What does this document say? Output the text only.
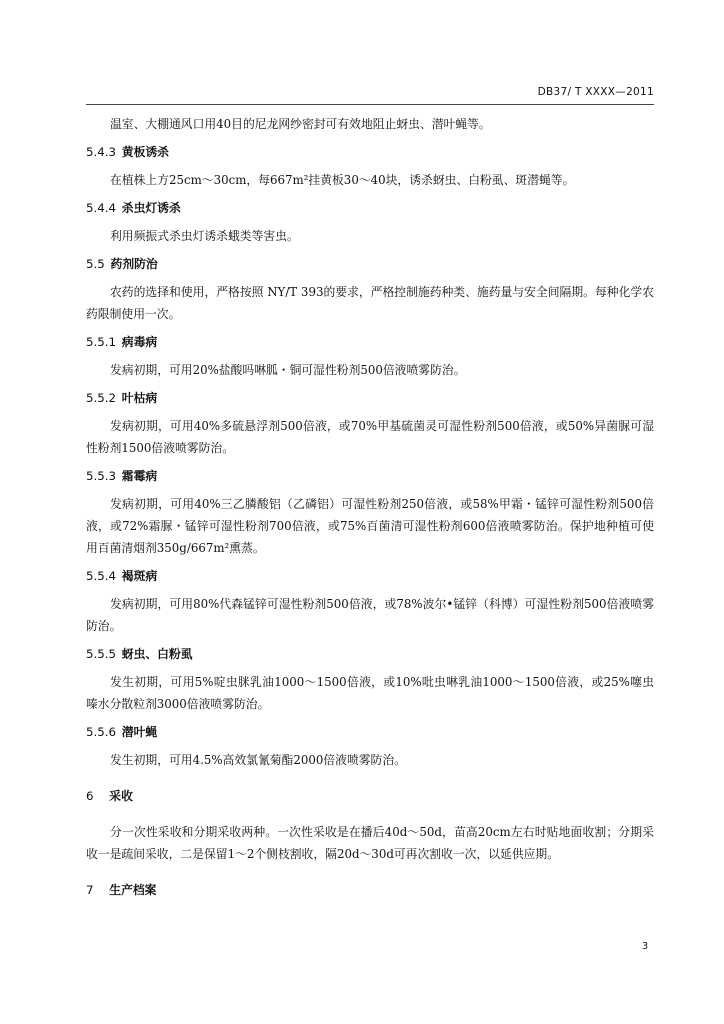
DB37/ T XXXX—2011

温室、大棚通风口用40目的尼龙网纱密封可有效地阻止蚜虫、潜叶蝇等。

5.4.3 黄板诱杀

在植株上方25cm～30cm，每667m²挂黄板30～40块，诱杀蚜虫、白粉虱、斑潜蝇等。

5.4.4 杀虫灯诱杀

利用频振式杀虫灯诱杀蛾类等害虫。

5.5 药剂防治

农药的选择和使用，严格按照 NY/T 393的要求，严格控制施药种类、施药量与安全间隔期。每种化学农药限制使用一次。

5.5.1 病毒病

发病初期，可用20%盐酸吗啉胍・铜可湿性粉剂500倍液喷雾防治。

5.5.2 叶枯病

发病初期，可用40%多硫悬浮剂500倍液，或70%甲基硫菌灵可湿性粉剂500倍液，或50%异菌脲可湿性粉剂1500倍液喷雾防治。

5.5.3 霜霉病

发病初期，可用40%三乙膦酸铝（乙磷铝）可湿性粉剂250倍液，或58%甲霜・锰锌可湿性粉剂500倍液，或72%霜脲・锰锌可湿性粉剂700倍液，或75%百菌清可湿性粉剂600倍液喷雾防治。保护地种植可使用百菌清烟剂350g/667m²熏蒸。

5.5.4 褐斑病

发病初期，可用80%代森锰锌可湿性粉剂500倍液，或78%波尔•锰锌（科博）可湿性粉剂500倍液喷雾防治。

5.5.5 蚜虫、白粉虱

发生初期，可用5%啶虫脒乳油1000～1500倍液，或10%吡虫啉乳油1000～1500倍液，或25%噻虫嗪水分散粒剂3000倍液喷雾防治。

5.5.6 潜叶蝇

发生初期，可用4.5%高效氯氰菊酯2000倍液喷雾防治。

6 采收

分一次性采收和分期采收两种。一次性采收是在播后40d～50d，苗高20cm左右时贴地面收割；分期采收一是疏间采收，二是保留1～2个侧枝割收，隔20d～30d可再次割收一次，以延供应期。

7 生产档案
3
